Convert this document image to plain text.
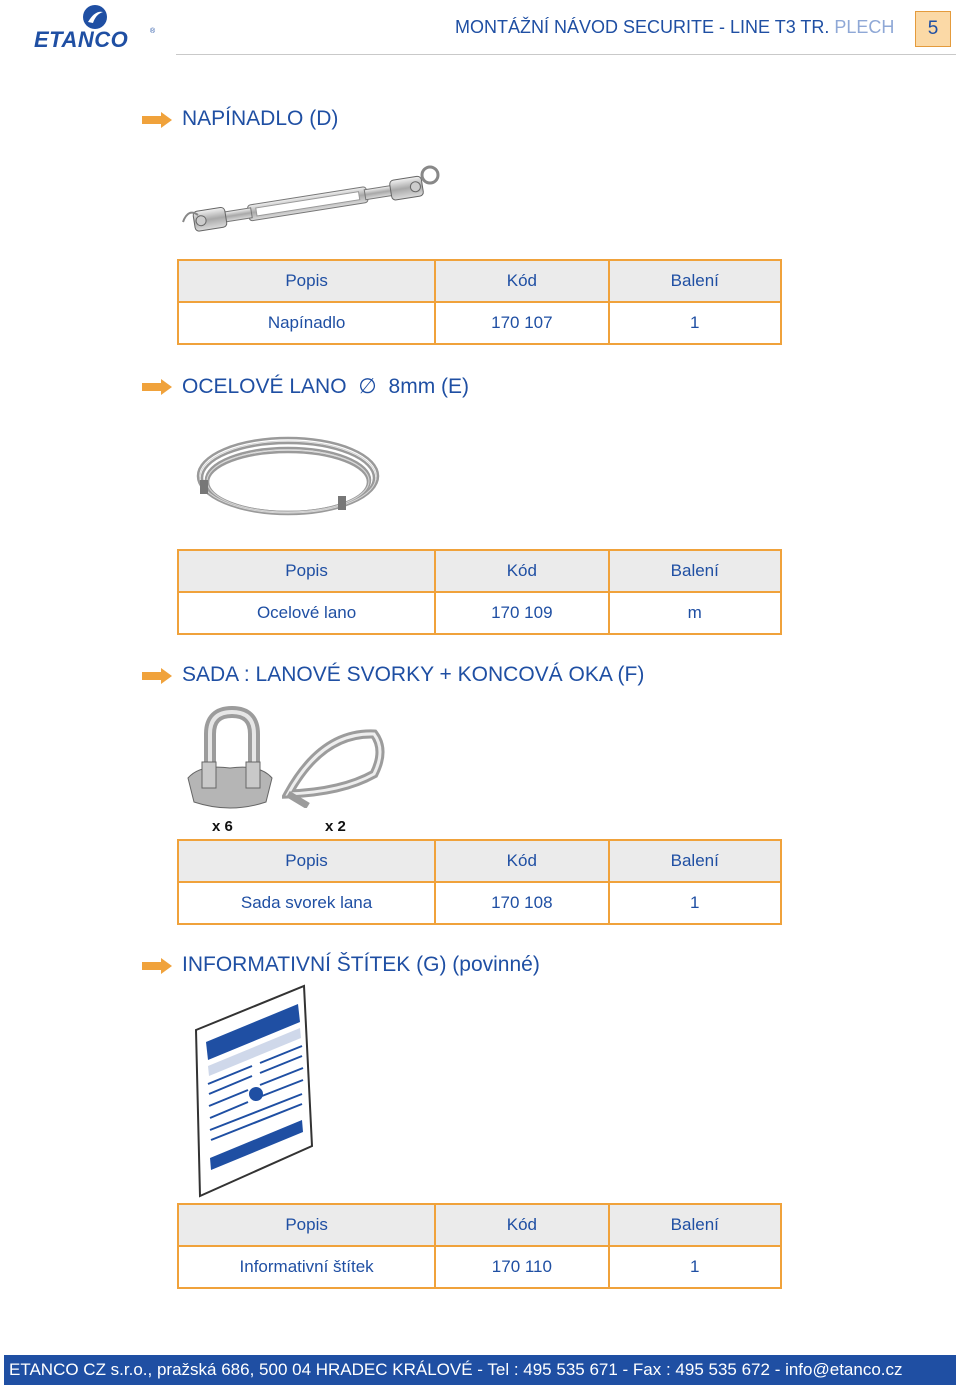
ETANCO	®	MONTÁŽNÍ NÁVOD SECURITE - LINE T3 TR. PLECH	5
NAPÍNADLO (D)
Popis	Kód	Balení
Napínadlo	170 107	1
OCELOVÉ LANO ∅ 8mm (E)
Popis	Kód	Balení
Ocelové lano	170 109	m
SADA : LANOVÉ SVORKY + KONCOVÁ OKA (F)
x 6	x 2
Popis	Kód	Balení
Sada svorek lana	170 108	1
INFORMATIVNÍ ŠTÍTEK (G) (povinné)
Popis	Kód	Balení
Informativní štítek	170 110	1
ETANCO CZ s.r.o., pražská 686, 500 04 HRADEC KRÁLOVÉ - Tel : 495 535 671 - Fax : 495 535 672 - info@etanco.cz
